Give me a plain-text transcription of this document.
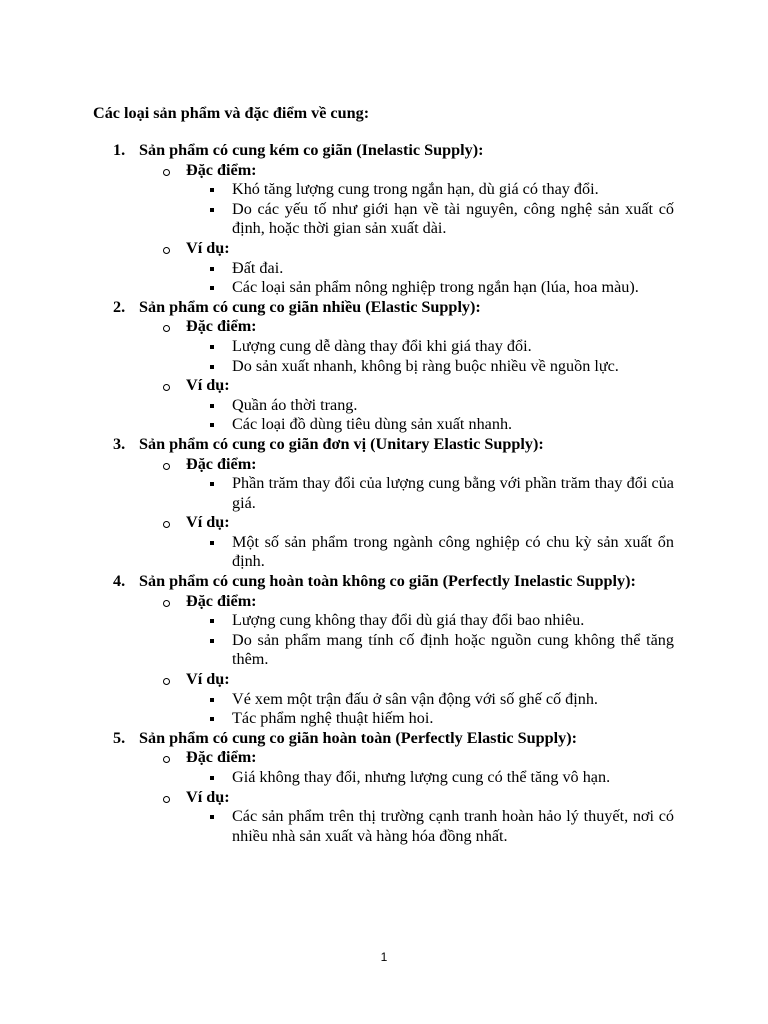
Các loại sản phẩm và đặc điểm về cung:
1. Sản phẩm có cung kém co giãn (Inelastic Supply):
Đặc điểm:
Khó tăng lượng cung trong ngắn hạn, dù giá có thay đổi.
Do các yếu tố như giới hạn về tài nguyên, công nghệ sản xuất cố định, hoặc thời gian sản xuất dài.
Ví dụ:
Đất đai.
Các loại sản phẩm nông nghiệp trong ngắn hạn (lúa, hoa màu).
2. Sản phẩm có cung co giãn nhiều (Elastic Supply):
Đặc điểm:
Lượng cung dễ dàng thay đổi khi giá thay đổi.
Do sản xuất nhanh, không bị ràng buộc nhiều về nguồn lực.
Ví dụ:
Quần áo thời trang.
Các loại đồ dùng tiêu dùng sản xuất nhanh.
3. Sản phẩm có cung co giãn đơn vị (Unitary Elastic Supply):
Đặc điểm:
Phần trăm thay đổi của lượng cung bằng với phần trăm thay đổi của giá.
Ví dụ:
Một số sản phẩm trong ngành công nghiệp có chu kỳ sản xuất ổn định.
4. Sản phẩm có cung hoàn toàn không co giãn (Perfectly Inelastic Supply):
Đặc điểm:
Lượng cung không thay đổi dù giá thay đổi bao nhiêu.
Do sản phẩm mang tính cố định hoặc nguồn cung không thể tăng thêm.
Ví dụ:
Vé xem một trận đấu ở sân vận động với số ghế cố định.
Tác phẩm nghệ thuật hiếm hoi.
5. Sản phẩm có cung co giãn hoàn toàn (Perfectly Elastic Supply):
Đặc điểm:
Giá không thay đổi, nhưng lượng cung có thể tăng vô hạn.
Ví dụ:
Các sản phẩm trên thị trường cạnh tranh hoàn hảo lý thuyết, nơi có nhiều nhà sản xuất và hàng hóa đồng nhất.
1
